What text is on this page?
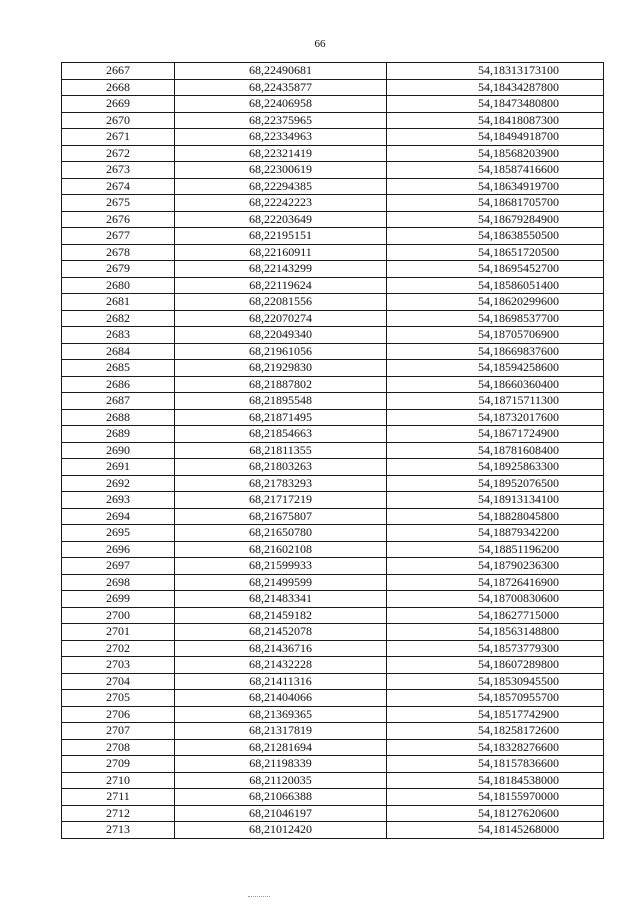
66
2667	68,22490681	54,18313173100
2668	68,22435877	54,18434287800
2669	68,22406958	54,18473480800
2670	68,22375965	54,18418087300
2671	68,22334963	54,18494918700
2672	68,22321419	54,18568203900
2673	68,22300619	54,18587416600
2674	68,22294385	54,18634919700
2675	68,22242223	54,18681705700
2676	68,22203649	54,18679284900
2677	68,22195151	54,18638550500
2678	68,22160911	54,18651720500
2679	68,22143299	54,18695452700
2680	68,22119624	54,18586051400
2681	68,22081556	54,18620299600
2682	68,22070274	54,18698537700
2683	68,22049340	54,18705706900
2684	68,21961056	54,18669837600
2685	68,21929830	54,18594258600
2686	68,21887802	54,18660360400
2687	68,21895548	54,18715711300
2688	68,21871495	54,18732017600
2689	68,21854663	54,18671724900
2690	68,21811355	54,18781608400
2691	68,21803263	54,18925863300
2692	68,21783293	54,18952076500
2693	68,21717219	54,18913134100
2694	68,21675807	54,18828045800
2695	68,21650780	54,18879342200
2696	68,21602108	54,18851196200
2697	68,21599933	54,18790236300
2698	68,21499599	54,18726416900
2699	68,21483341	54,18700830600
2700	68,21459182	54,18627715000
2701	68,21452078	54,18563148800
2702	68,21436716	54,18573779300
2703	68,21432228	54,18607289800
2704	68,21411316	54,18530945500
2705	68,21404066	54,18570955700
2706	68,21369365	54,18517742900
2707	68,21317819	54,18258172600
2708	68,21281694	54,18328276600
2709	68,21198339	54,18157836600
2710	68,21120035	54,18184538000
2711	68,21066388	54,18155970000
2712	68,21046197	54,18127620600
2713	68,21012420	54,18145268000
